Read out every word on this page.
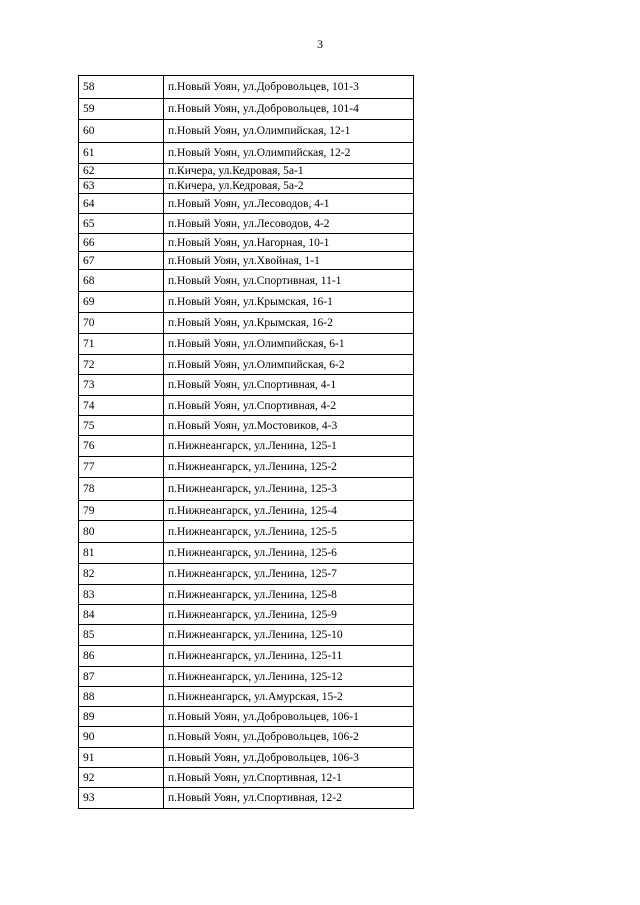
3
58	п.Новый Уоян, ул.Добровольцев, 101-3
59	п.Новый Уоян, ул.Добровольцев, 101-4
60	п.Новый Уоян, ул.Олимпийская, 12-1
61	п.Новый Уоян, ул.Олимпийская, 12-2
62	п.Кичера, ул.Кедровая, 5а-1
63	п.Кичера, ул.Кедровая, 5а-2
64	п.Новый Уоян, ул.Лесоводов, 4-1
65	п.Новый Уоян, ул.Лесоводов, 4-2
66	п.Новый Уоян, ул.Нагорная, 10-1
67	п.Новый Уоян, ул.Хвойная, 1-1
68	п.Новый Уоян, ул.Спортивная, 11-1
69	п.Новый Уоян, ул.Крымская, 16-1
70	п.Новый Уоян, ул.Крымская, 16-2
71	п.Новый Уоян, ул.Олимпийская, 6-1
72	п.Новый Уоян, ул.Олимпийская, 6-2
73	п.Новый Уоян, ул.Спортивная, 4-1
74	п.Новый Уоян, ул.Спортивная, 4-2
75	п.Новый Уоян, ул.Мостовиков, 4-3
76	п.Нижнеангарск, ул.Ленина, 125-1
77	п.Нижнеангарск, ул.Ленина, 125-2
78	п.Нижнеангарск, ул.Ленина, 125-3
79	п.Нижнеангарск, ул.Ленина, 125-4
80	п.Нижнеангарск, ул.Ленина, 125-5
81	п.Нижнеангарск, ул.Ленина, 125-6
82	п.Нижнеангарск, ул.Ленина, 125-7
83	п.Нижнеангарск, ул.Ленина, 125-8
84	п.Нижнеангарск, ул.Ленина, 125-9
85	п.Нижнеангарск, ул.Ленина, 125-10
86	п.Нижнеангарск, ул.Ленина, 125-11
87	п.Нижнеангарск, ул.Ленина, 125-12
88	п.Нижнеангарск, ул.Амурская, 15-2
89	п.Новый Уоян, ул.Добровольцев, 106-1
90	п.Новый Уоян, ул.Добровольцев, 106-2
91	п.Новый Уоян, ул.Добровольцев, 106-3
92	п.Новый Уоян, ул.Спортивная, 12-1
93	п.Новый Уоян, ул.Спортивная, 12-2
